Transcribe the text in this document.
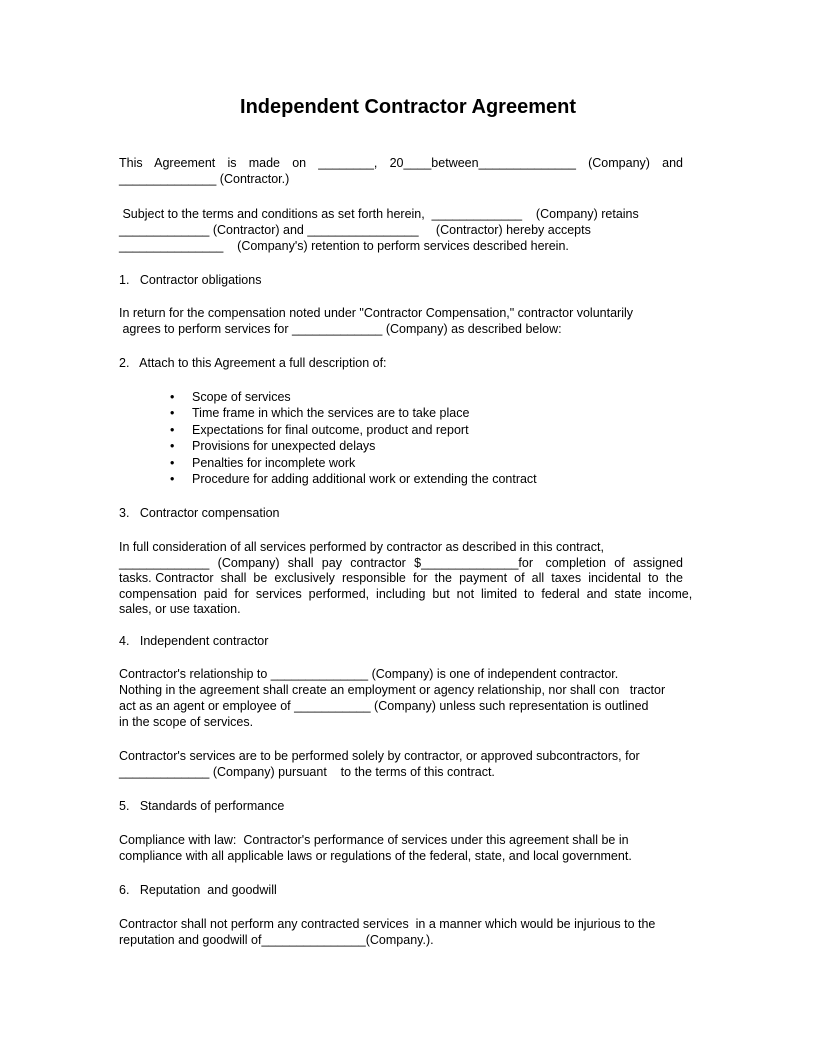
Independent Contractor Agreement

This Agreement is made on ________, 20____between______________ (Company) and

______________ (Contractor.)

Subject to the terms and conditions as set forth herein,  _____________    (Company) retains

_____________ (Contractor) and ________________     (Contractor) hereby accepts

_______________    (Company's) retention to perform services described herein.

1.   Contractor obligations

In return for the compensation noted under "Contractor Compensation," contractor voluntarily

agrees to perform services for _____________ (Company) as described below:

2.   Attach to this Agreement a full description of:

• Scope of services
• Time frame in which the services are to take place
• Expectations for final outcome, product and report
• Provisions for unexpected delays
• Penalties for incomplete work
• Procedure for adding additional work or extending the contract

3.   Contractor compensation

In full consideration of all services performed by contractor as described in this contract,

_____________  (Company)  shall  pay  contractor  $______________for   completion  of  assigned

tasks. Contractor  shall  be  exclusively  responsible  for  the  payment  of  all  taxes  incidental  to  the

compensation  paid  for  services  performed,  including  but  not  limited  to  federal  and  state  income,

sales, or use taxation.

4.   Independent contractor

Contractor's relationship to ______________ (Company) is one of independent contractor.

Nothing in the agreement shall create an employment or agency relationship, nor shall con   tractor

act as an agent or employee of ___________ (Company) unless such representation is outlined

in the scope of services.

Contractor's services are to be performed solely by contractor, or approved subcontractors, for

_____________ (Company) pursuant    to the terms of this contract.

5.   Standards of performance

Compliance with law:  Contractor's performance of services under this agreement shall be in

compliance with all applicable laws or regulations of the federal, state, and local government.

6.   Reputation  and goodwill

Contractor shall not perform any contracted services  in a manner which would be injurious to the

reputation and goodwill of_______________(Company.).
